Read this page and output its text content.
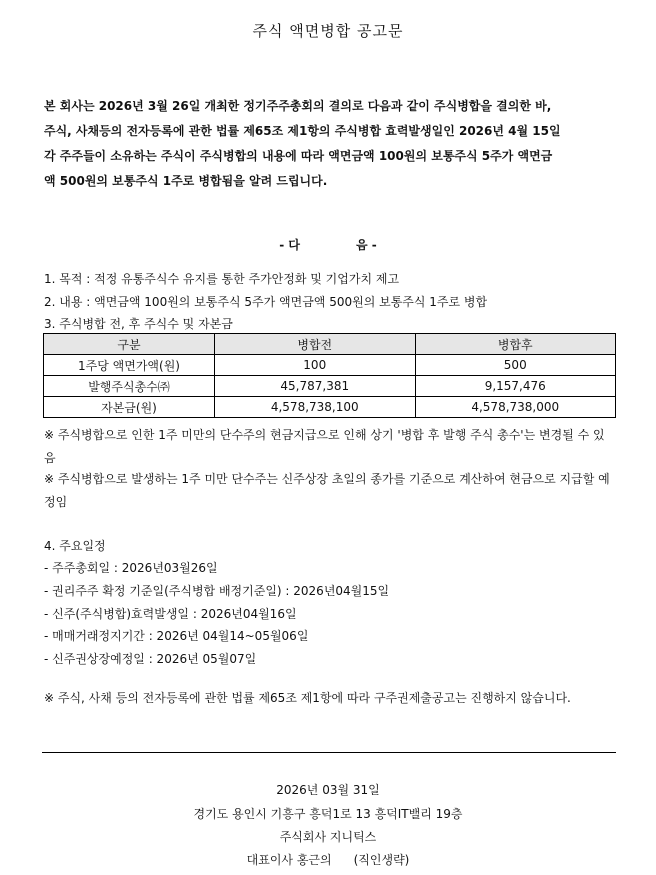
주식 액면병합 공고문
본 회사는 2026년 3월 26일 개최한 정기주주총회의 결의로 다음과 같이 주식병합을 결의한 바,
주식, 사채등의 전자등록에 관한 법률 제65조 제1항의 주식병합 효력발생일인 2026년 4월 15일
각 주주들이 소유하는 주식이 주식병합의 내용에 따라 액면금액 100원의 보통주식 5주가 액면금
액 500원의 보통주식 1주로 병합됨을 알려 드립니다.
- 다	음 -
1. 목적 : 적정 유통주식수 유지를 통한 주가안정화 및 기업가치 제고
2. 내용 : 액면금액 100원의 보통주식 5주가 액면금액 500원의 보통주식 1주로 병합
3. 주식병합 전, 후 주식수 및 자본금
구분	병합전	병합후
1주당 액면가액(원)	100	500
발행주식총수㈜	45,787,381	9,157,476
자본금(원)	4,578,738,100	4,578,738,000
※ 주식병합으로 인한 1주 미만의 단수주의 현금지급으로 인해 상기 '병합 후 발행 주식 총수'는 변경될 수 있음
※ 주식병합으로 발생하는 1주 미만 단수주는 신주상장 초일의 종가를 기준으로 계산하여 현금으로 지급할 예정임
4. 주요일정
- 주주총회일 : 2026년03월26일
- 권리주주 확정 기준일(주식병합 배정기준일) : 2026년04월15일
- 신주(주식병합)효력발생일 : 2026년04월16일
- 매매거래정지기간 : 2026년 04월14~05월06일
- 신주권상장예정일 : 2026년 05월07일
※ 주식, 사채 등의 전자등록에 관한 법률 제65조 제1항에 따라 구주권제출공고는 진행하지 않습니다.
2026년 03월 31일
경기도 용인시 기흥구 흥덕1로 13 흥덕IT밸리 19층
주식회사 지니틱스
대표이사 홍근의 (직인생략)
